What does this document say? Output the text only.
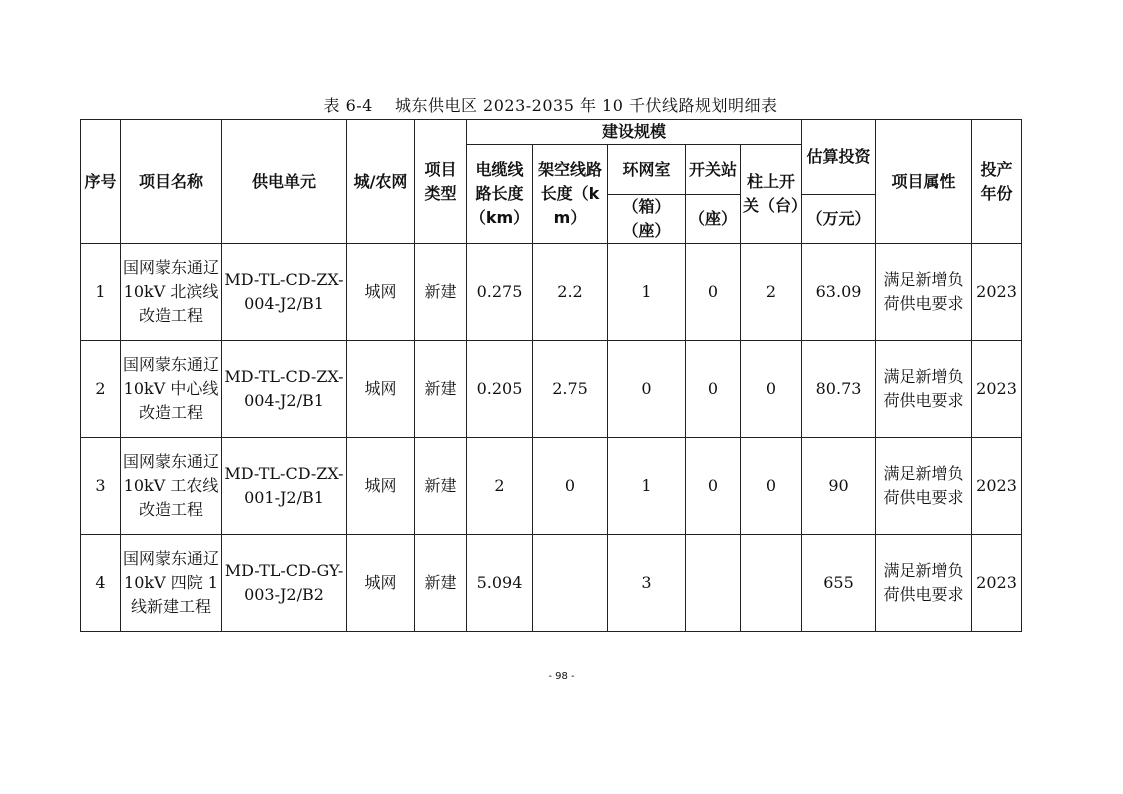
表 6-4　 城东供电区 2023-2035 年 10 千伏线路规划明细表
序号	项目名称	供电单元	城/农网	项目类型	建设规模					估算投资	项目属性	投产年份
					电缆线路长度（km）	架空线路长度（km）	环网室	开关站	柱上开关（台）			
							（箱）（座）	（座）		（万元）		
1	国网蒙东通辽 10kV 北滨线改造工程	MD-TL-CD-ZX-004-J2/B1	城网	新建	0.275	2.2	1	0	2	63.09	满足新增负荷供电要求	2023
2	国网蒙东通辽 10kV 中心线改造工程	MD-TL-CD-ZX-004-J2/B1	城网	新建	0.205	2.75	0	0	0	80.73	满足新增负荷供电要求	2023
3	国网蒙东通辽 10kV 工农线改造工程	MD-TL-CD-ZX-001-J2/B1	城网	新建	2	0	1	0	0	90	满足新增负荷供电要求	2023
4	国网蒙东通辽 10kV 四院 1 线新建工程	MD-TL-CD-GY-003-J2/B2	城网	新建	5.094		3			655	满足新增负荷供电要求	2023
- 98 -
